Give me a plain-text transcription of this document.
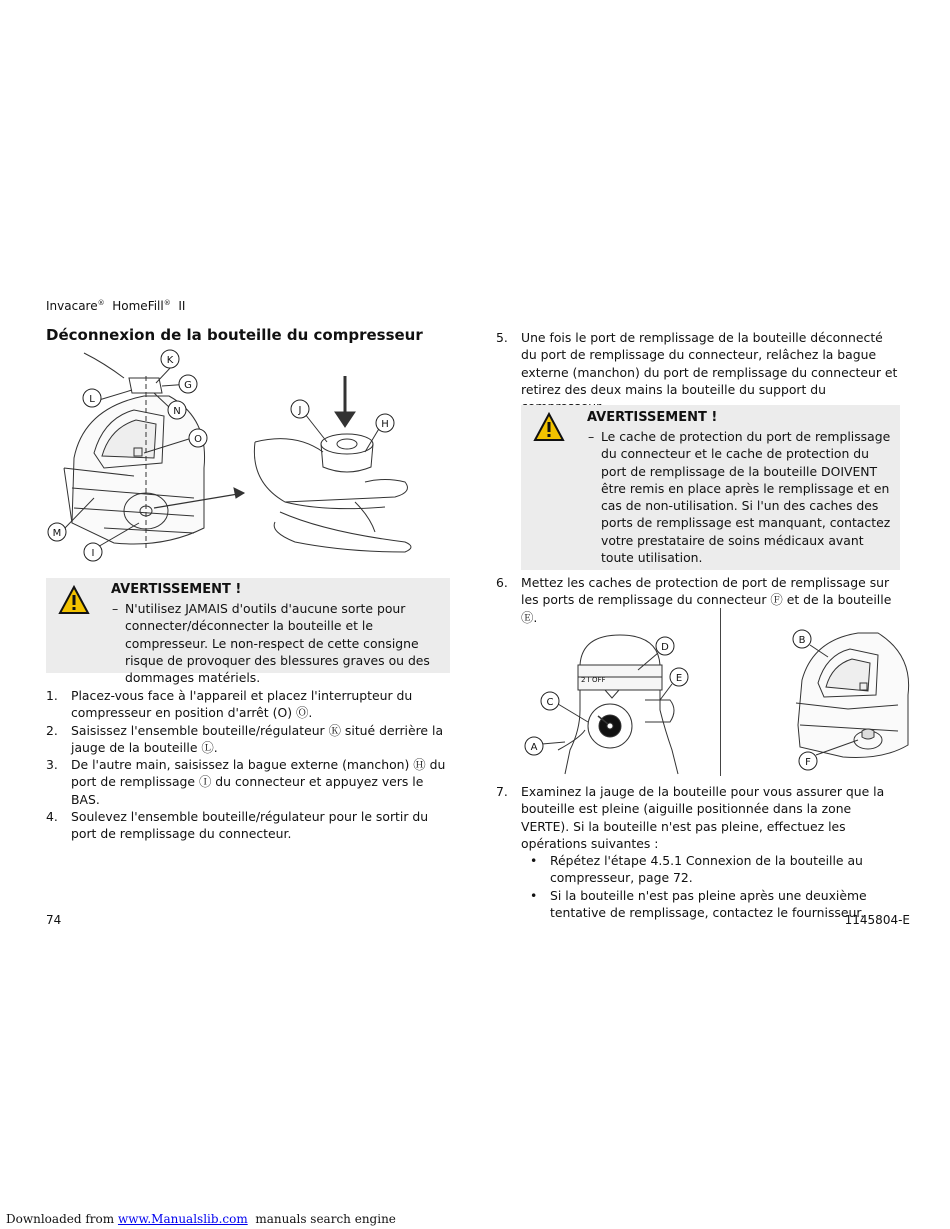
Invacare® HomeFill® II
Déconnexion de la bouteille du compresseur
K
G
L
N
O
M
I
J
H
AVERTISSEMENT !
– N'utilisez JAMAIS d'outils d'aucune sorte pour connecter/déconnecter la bouteille et le compresseur. Le non-respect de cette consigne risque de provoquer des blessures graves ou des dommages matériels.
1. Placez-vous face à l'appareil et placez l'interrupteur du compresseur en position d'arrêt (O) Ⓞ.
2. Saisissez l'ensemble bouteille/régulateur Ⓚ situé derrière la jauge de la bouteille Ⓛ.
3. De l'autre main, saisissez la bague externe (manchon) Ⓗ du port de remplissage Ⓘ du connecteur et appuyez vers le BAS.
4. Soulevez l'ensemble bouteille/régulateur pour le sortir du port de remplissage du connecteur.
5. Une fois le port de remplissage de la bouteille déconnecté du port de remplissage du connecteur, relâchez la bague externe (manchon) du port de remplissage du connecteur et retirez des deux mains la bouteille du support du
AVERTISSEMENT !
– Le cache de protection du port de remplissage du connecteur et le cache de protection du port de remplissage de la bouteille DOIVENT être remis en place après le remplissage et en cas de non-utilisation. Si l'un des caches des ports de remplissage est manquant, contactez votre prestataire de soins médicaux avant toute utilisation.
6. Mettez les caches de protection de port de remplissage sur les ports de remplissage du connecteur Ⓕ et de la bouteille Ⓔ.
2 I OFF
D
E
C
A
B
F
7. Examinez la jauge de la bouteille pour vous assurer que la bouteille est pleine (aiguille positionnée dans la zone VERTE). Si la bouteille n'est pas pleine, effectuez les opérations suivantes :
• Répétez l'étape 4.5.1 Connexion de la bouteille au compresseur, page 72.
• Si la bouteille n'est pas pleine après une deuxième tentative de remplissage, contactez le fournisseur.
74	1145804-E
Downloaded from www.Manualslib.com manuals search engine
